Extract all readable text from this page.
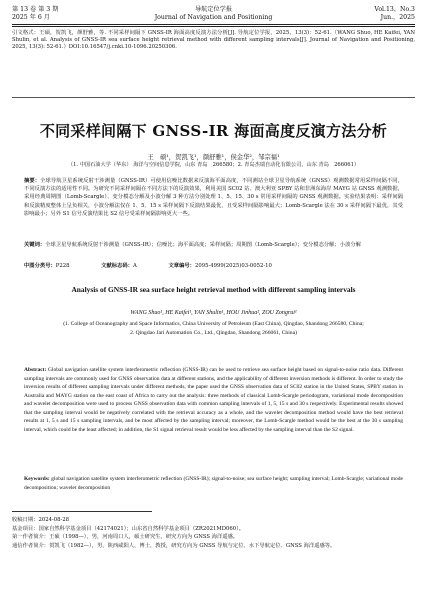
第 13 卷 第 3 期
2025 年 6 月
导航定位学报
Journal of Navigation and Positioning
Vol.13，No.3
Jun.，2025
引文格式：王硕，贺凯飞，颜舒雅，等. 不同采样间隔下 GNSS-IR 海面高度反演方法分析[J]. 导航定位学报，2025，13(3)：52-61.（WANG Shuo, HE Kaifei, YAN Shulin, et al. Analysis of GNSS-IR sea surface height retrieval method with different sampling intervals[J]. Journal of Navigation and Positioning, 2025, 13(3): 52-61.）DOI:10.16547/j.cnki.10-1096.20250306.
不同采样间隔下 GNSS-IR 海面高度反演方法分析
王　硕¹，贺凯飞¹，颜舒雅¹，侯金华²，邹宗福¹
（1. 中国石油大学（华东） 海洋与空间信息学院，山东 青岛　266580；2. 青岛杰瑞自动化有限公司，山东 青岛　266061）
摘要：全球导航卫星系统反射干涉测量（GNSS-IR）可使用信噪比数据来反演海平面高度，不同测站全球卫星导航系统（GNSS）观测数据常用采样间隔不同，不同反演方法的适用性不同。为研究不同采样间隔在不同方法下的反演效果，利用美国 SC02 站、澳大利亚 SPBY 站和非洲东海岸 MAYG 站 GNSS 观测数据，采用经典周期图（Lomb-Scargle）、变分模态分解及小波分解 3 种方法分别处理 1、5、15、30 s 常用采样间隔的 GNSS 观测数据。实验结果表明：采样间隔和反演精度整体上呈负相关，小波分解法仅在 1、5、15 s 采样间隔下反演结果最优，且受采样间隔影响最大；Lomb-Scargle 法在 30 s 采样间隔下最优，其受影响最小；另外 S1 信号反演结果比 S2 信号受采样间隔影响更大一些。
关键词：全球卫星导航系统反射干涉测量（GNSS-IR）；信噪比；海平面高度；采样间隔；周期图（Lomb-Scargle）；变分模态分解；小波分解
中图分类号：P228	文献标志码：A	文章编号：2095-4999(2025)03-0052-10
Analysis of GNSS-IR sea surface height retrieval method with different sampling intervals
WANG Shuo¹, HE Kaifei¹, YAN Shulin¹, HOU Jinhua², ZOU Zongrui¹
(1. College of Oceanography and Space Informatics, China University of Petroleum (East China), Qingdao, Shandong 266580, China;
2. Qingdao Jari Automation Co., Ltd., Qingdao, Shandong 266061, China)
Abstract: Global navigation satellite system interferometric reflection (GNSS-IR) can be used to retrieve sea surface height based on signal-to-noise ratio data. Different sampling intervals are commonly used for GNSS observation data at different stations, and the applicability of different inversion methods is different. In order to study the inversion results of different sampling intervals under different methods, the paper used the GNSS observation data of SC02 station in the United States, SPBY station in Australia and MAYG station on the east coast of Africa to carry out the analysis: three methods of classical Lomb-Scargle periodogram, variational mode decomposition and wavelet decomposition were used to process GNSS observation data with common sampling intervals of 1, 5, 15 s and 30 s respectively. Experimental results showed that the sampling interval would be negatively correlated with the retrieval accuracy as a whole, and the wavelet decomposition method would have the best retrieval results at 1, 5 s and 15 s sampling intervals, and be most affected by the sampling interval; moreover, the Lomb-Scargle method would be the best at the 30 s sampling interval, which could be the least affected; in addition, the S1 signal retrieval result would be less affected by the sampling interval than the S2 signal.
Keywords: global navigation satellite system interferometric reflection (GNSS-IR); signal-to-noise; sea surface height; sampling interval; Lomb-Scargle; variational mode decomposition; wavelet decomposition
收稿日期：2024-08-28
基金项目：国家自然科学基金项目（42174021）；山东省自然科学基金项目（ZR2021MD060）。
第一作者简介：王硕（1998—），男，河南周口人，硕士研究生，研究方向为 GNSS 海洋遥感。
通信作者简介：贺凯飞（1982—），男，陕西咸阳人，博士，教授，研究方向为 GNSS 导航与定位、水下导航定位、GNSS 海洋遥感等。
